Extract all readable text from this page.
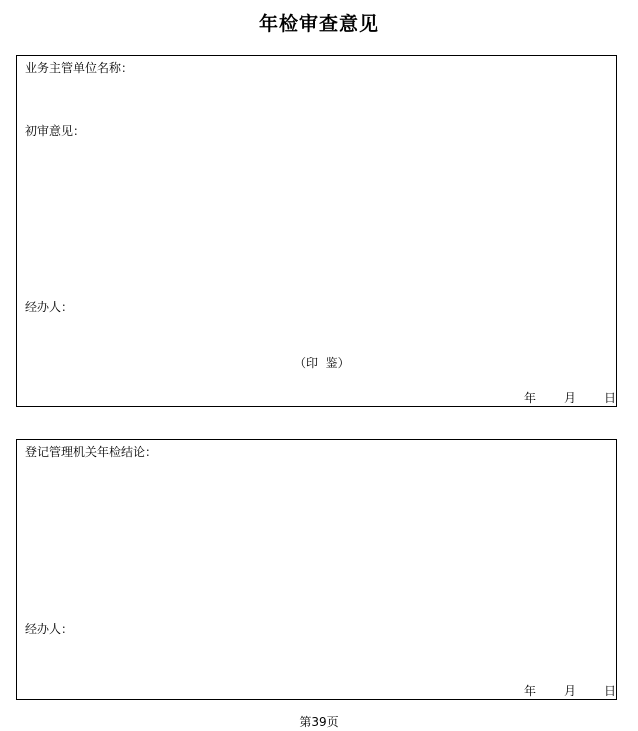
年检审查意见
业务主管单位名称：
初审意见：
经办人：
（印  鉴）
年 月 日
登记管理机关年检结论：
经办人：
年 月 日
第39页
